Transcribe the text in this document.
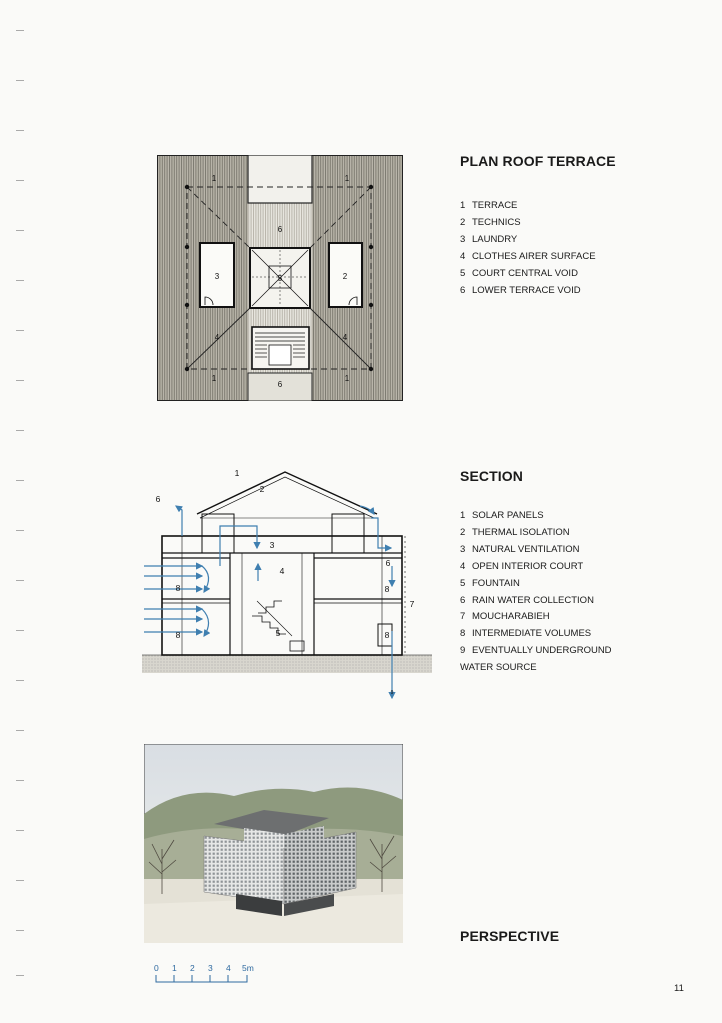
1	1
1	1
6
6
3	2
5
4	4
PLAN ROOF TERRACE
1 TERRACE
2 TECHNICS
3 LAUNDRY
4 CLOTHES AIRER SURFACE
5 COURT CENTRAL VOID
6 LOWER TERRACE VOID
1
2
6
3
4
5
6
7
8
8
8
8
9
SECTION
1 SOLAR PANELS
2 THERMAL ISOLATION
3 NATURAL VENTILATION
4 OPEN INTERIOR COURT
5 FOUNTAIN
6 RAIN WATER COLLECTION
7 MOUCHARABIEH
8 INTERMEDIATE VOLUMES
9 EVENTUALLY UNDERGROUND
WATER SOURCE
PERSPECTIVE
0 1 2 3 4 5m
11
